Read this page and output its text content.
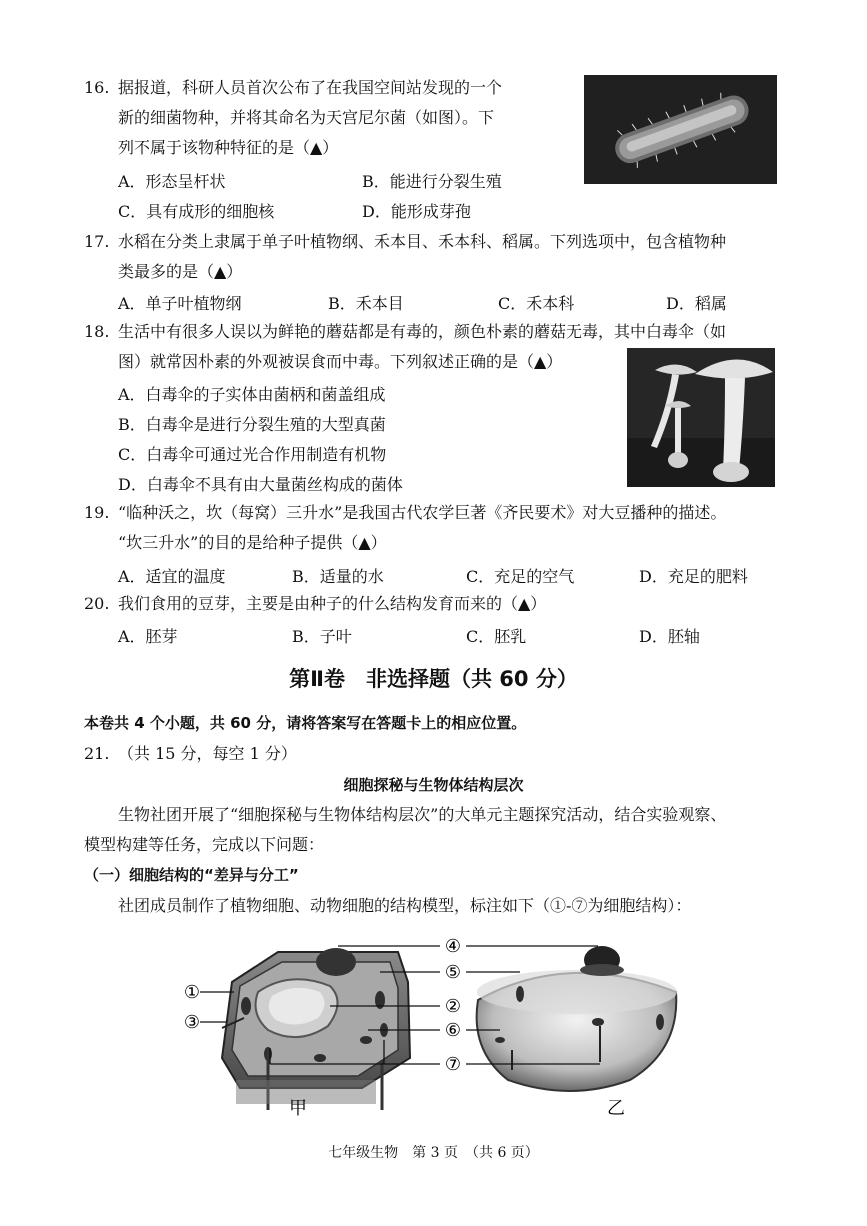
16. 据报道，科研人员首次公布了在我国空间站发现的一个
新的细菌物种，并将其命名为天宫尼尔菌（如图）。下
列不属于该物种特征的是（▲）
A．形态呈杆状	B．能进行分裂生殖
C．具有成形的细胞核	D．能形成芽孢
17. 水稻在分类上隶属于单子叶植物纲、禾本目、禾本科、稻属。下列选项中，包含植物种
类最多的是（▲）
A．单子叶植物纲	B．禾本目	C．禾本科	D．稻属
18. 生活中有很多人误以为鲜艳的蘑菇都是有毒的，颜色朴素的蘑菇无毒，其中白毒伞（如
图）就常因朴素的外观被误食而中毒。下列叙述正确的是（▲）
A．白毒伞的子实体由菌柄和菌盖组成
B．白毒伞是进行分裂生殖的大型真菌
C．白毒伞可通过光合作用制造有机物
D．白毒伞不具有由大量菌丝构成的菌体
19. “临种沃之，坎（每窝）三升水”是我国古代农学巨著《齐民要术》对大豆播种的描述。
“坎三升水”的目的是给种子提供（▲）
A．适宜的温度	B．适量的水	C．充足的空气	D．充足的肥料
20. 我们食用的豆芽，主要是由种子的什么结构发育而来的（▲）
A．胚芽	B．子叶	C．胚乳	D．胚轴
第Ⅱ卷　非选择题（共 60 分）
本卷共 4 个小题，共 60 分，请将答案写在答题卡上的相应位置。
21. （共 15 分，每空 1 分）
细胞探秘与生物体结构层次
生物社团开展了“细胞探秘与生物体结构层次”的大单元主题探究活动，结合实验观察、
模型构建等任务，完成以下问题：
（一）细胞结构的“差异与分工”
社团成员制作了植物细胞、动物细胞的结构模型，标注如下（①-⑦为细胞结构）：
④
⑤
①
②
③	⑥
⑦
甲	乙
七年级生物　第 3 页　（共 6 页）
